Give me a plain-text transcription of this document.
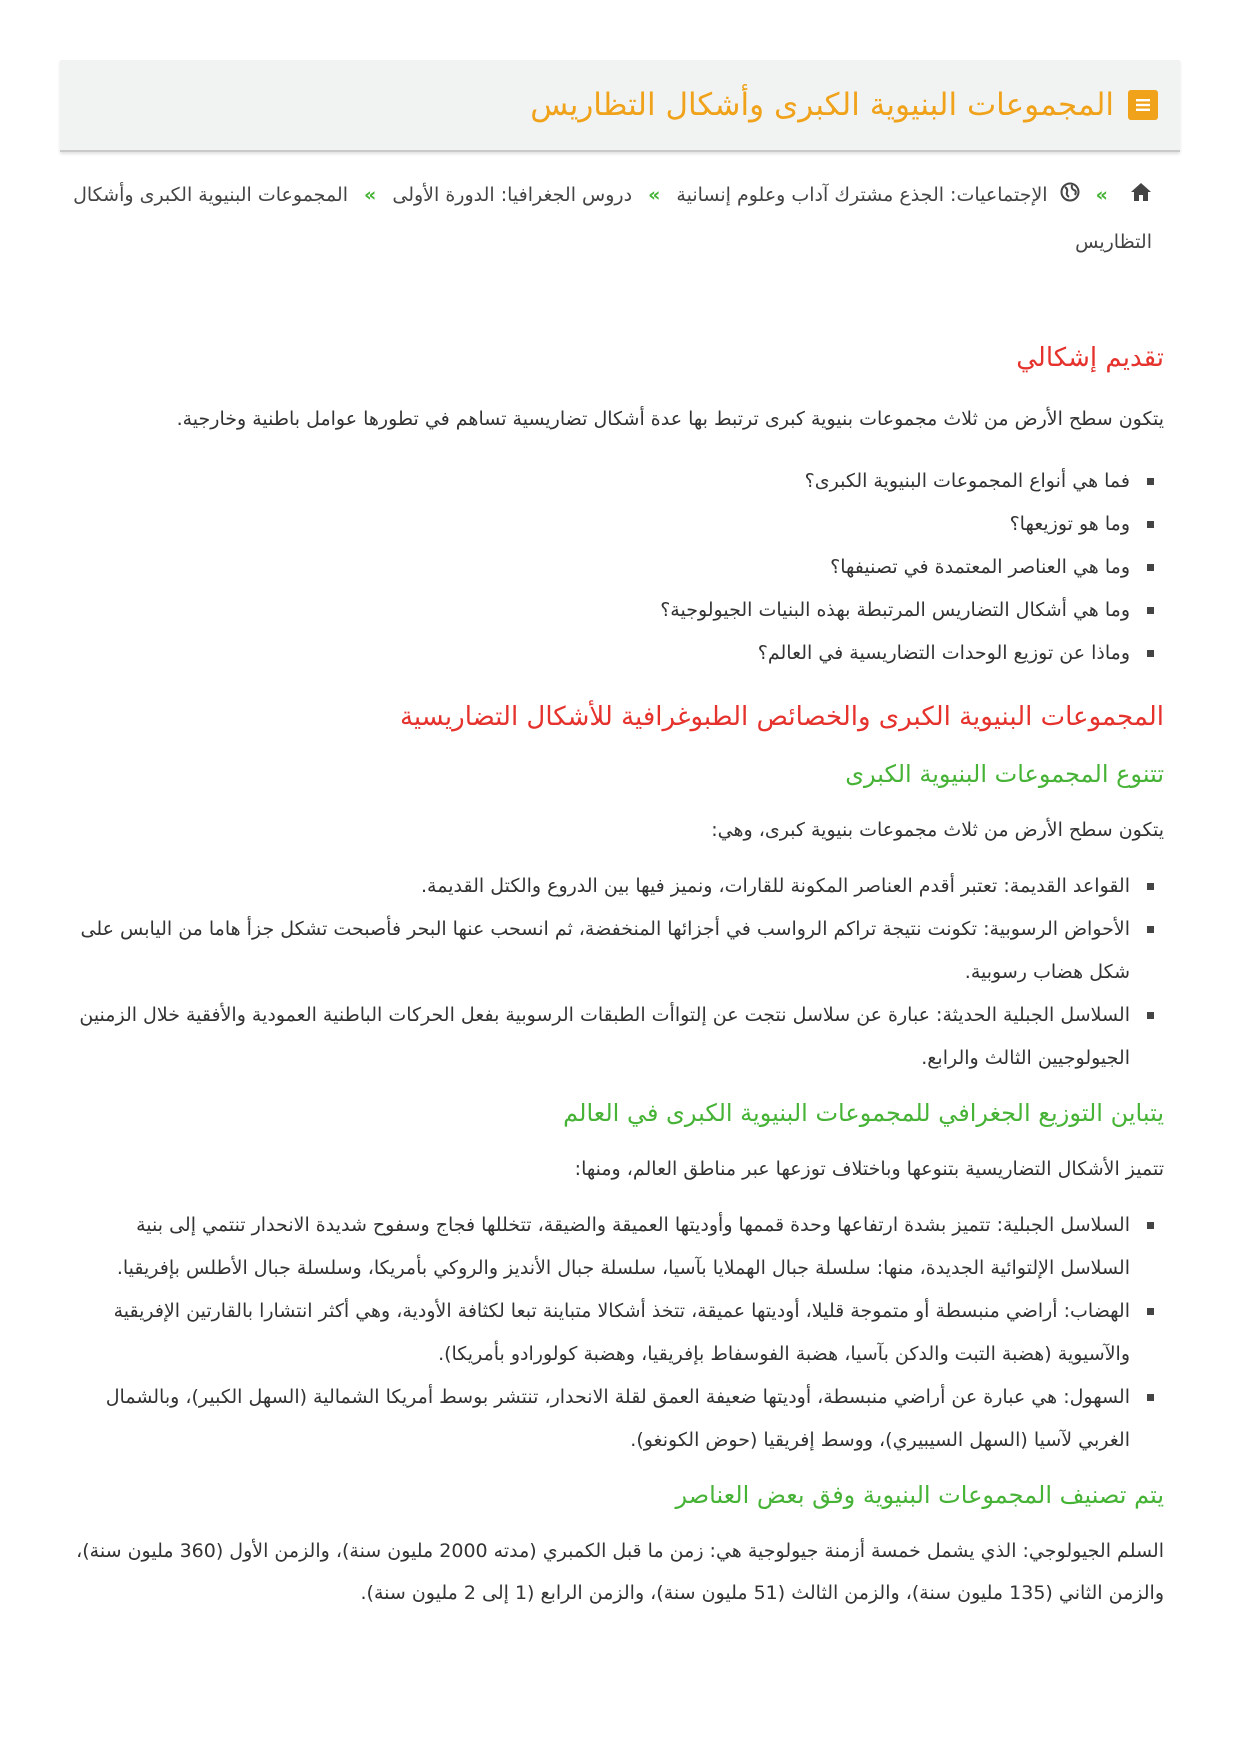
المجموعات البنيوية الكبرى وأشكال التظاريس
»  الإجتماعيات: الجذع مشترك آداب وعلوم إنسانية » دروس الجغرافيا: الدورة الأولى » المجموعات البنيوية الكبرى وأشكال التظاريس
تقديم إشكالي

يتكون سطح الأرض من ثلاث مجموعات بنيوية كبرى ترتبط بها عدة أشكال تضاريسية تساهم في تطورها عوامل باطنية وخارجية.

فما هي أنواع المجموعات البنيوية الكبرى؟
وما هو توزيعها؟
وما هي العناصر المعتمدة في تصنيفها؟
وما هي أشكال التضاريس المرتبطة بهذه البنيات الجيولوجية؟
وماذا عن توزيع الوحدات التضاريسية في العالم؟
المجموعات البنيوية الكبرى والخصائص الطبوغرافية للأشكال التضاريسية
تتنوع المجموعات البنيوية الكبرى

يتكون سطح الأرض من ثلاث مجموعات بنيوية كبرى، وهي:

القواعد القديمة: تعتبر أقدم العناصر المكونة للقارات، ونميز فيها بين الدروع والكتل القديمة.
الأحواض الرسوبية: تكونت نتيجة تراكم الرواسب في أجزائها المنخفضة، ثم انسحب عنها البحر فأصبحت تشكل جزأ هاما من اليابس على شكل هضاب رسوبية.
السلاسل الجبلية الحديثة: عبارة عن سلاسل نتجت عن إلتواأت الطبقات الرسوبية بفعل الحركات الباطنية العمودية والأفقية خلال الزمنين الجيولوجيين الثالث والرابع.
يتباين التوزيع الجغرافي للمجموعات البنيوية الكبرى في العالم

تتميز الأشكال التضاريسية بتنوعها وباختلاف توزعها عبر مناطق العالم، ومنها:

السلاسل الجبلية: تتميز بشدة ارتفاعها وحدة قممها وأوديتها العميقة والضيقة، تتخللها فجاج وسفوح شديدة الانحدار تنتمي إلى بنية السلاسل الإلتوائية الجديدة، منها: سلسلة جبال الهملايا بآسيا، سلسلة جبال الأنديز والروكي بأمريكا، وسلسلة جبال الأطلس بإفريقيا.
الهضاب: أراضي منبسطة أو متموجة قليلا، أوديتها عميقة، تتخذ أشكالا متباينة تبعا لكثافة الأودية، وهي أكثر انتشارا بالقارتين الإفريقية والآسيوية (هضبة التبت والدكن بآسيا، هضبة الفوسفاط بإفريقيا، وهضبة كولورادو بأمريكا).
السهول: هي عبارة عن أراضي منبسطة، أوديتها ضعيفة العمق لقلة الانحدار، تنتشر بوسط أمريكا الشمالية (السهل الكبير)، وبالشمال الغربي لآسيا (السهل السيبيري)، ووسط إفريقيا (حوض الكونغو).
يتم تصنيف المجموعات البنيوية وفق بعض العناصر

السلم الجيولوجي: الذي يشمل خمسة أزمنة جيولوجية هي: زمن ما قبل الكمبري (مدته 2000 مليون سنة)، والزمن الأول (360 مليون سنة)، والزمن الثاني (135 مليون سنة)، والزمن الثالث (51 مليون سنة)، والزمن الرابع (1 إلى 2 مليون سنة).
